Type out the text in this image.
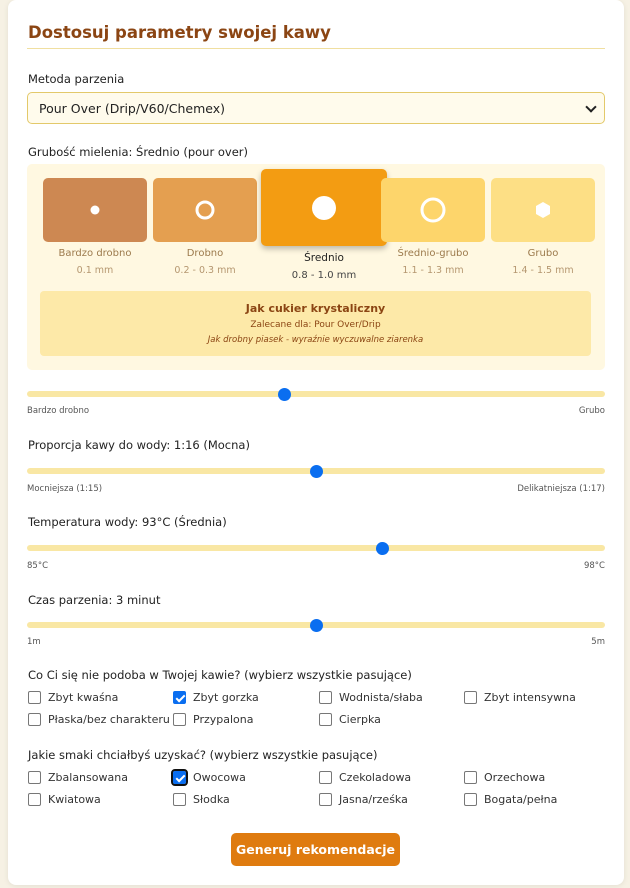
Dostosuj parametry swojej kawy
Metoda parzenia
Pour Over (Drip/V60/Chemex)
Grubość mielenia: Średnio (pour over)
Bardzo drobno
0.1 mm
Drobno
0.2 - 0.3 mm
Średnio
0.8 - 1.0 mm
Średnio-grubo
1.1 - 1.3 mm
Grubo
1.4 - 1.5 mm
Jak cukier krystaliczny
Zalecane dla: Pour Over/Drip
Jak drobny piasek - wyraźnie wyczuwalne ziarenka
Bardzo drobno	Grubo
Proporcja kawy do wody: 1:16 (Mocna)
Mocniejsza (1:15)	Delikatniejsza (1:17)
Temperatura wody: 93°C (Średnia)
85°C	98°C
Czas parzenia: 3 minut
1m	5m
Co Ci się nie podoba w Twojej kawie? (wybierz wszystkie pasujące)
Zbyt kwaśna	Zbyt gorzka	Wodnista/słaba	Zbyt intensywna
Płaska/bez charakteru Przypalona	Cierpka
Jakie smaki chciałbyś uzyskać? (wybierz wszystkie pasujące)
Zbalansowana	Owocowa	Czekoladowa	Orzechowa
Kwiatowa	Słodka	Jasna/rześka	Bogata/pełna
Generuj rekomendacje
